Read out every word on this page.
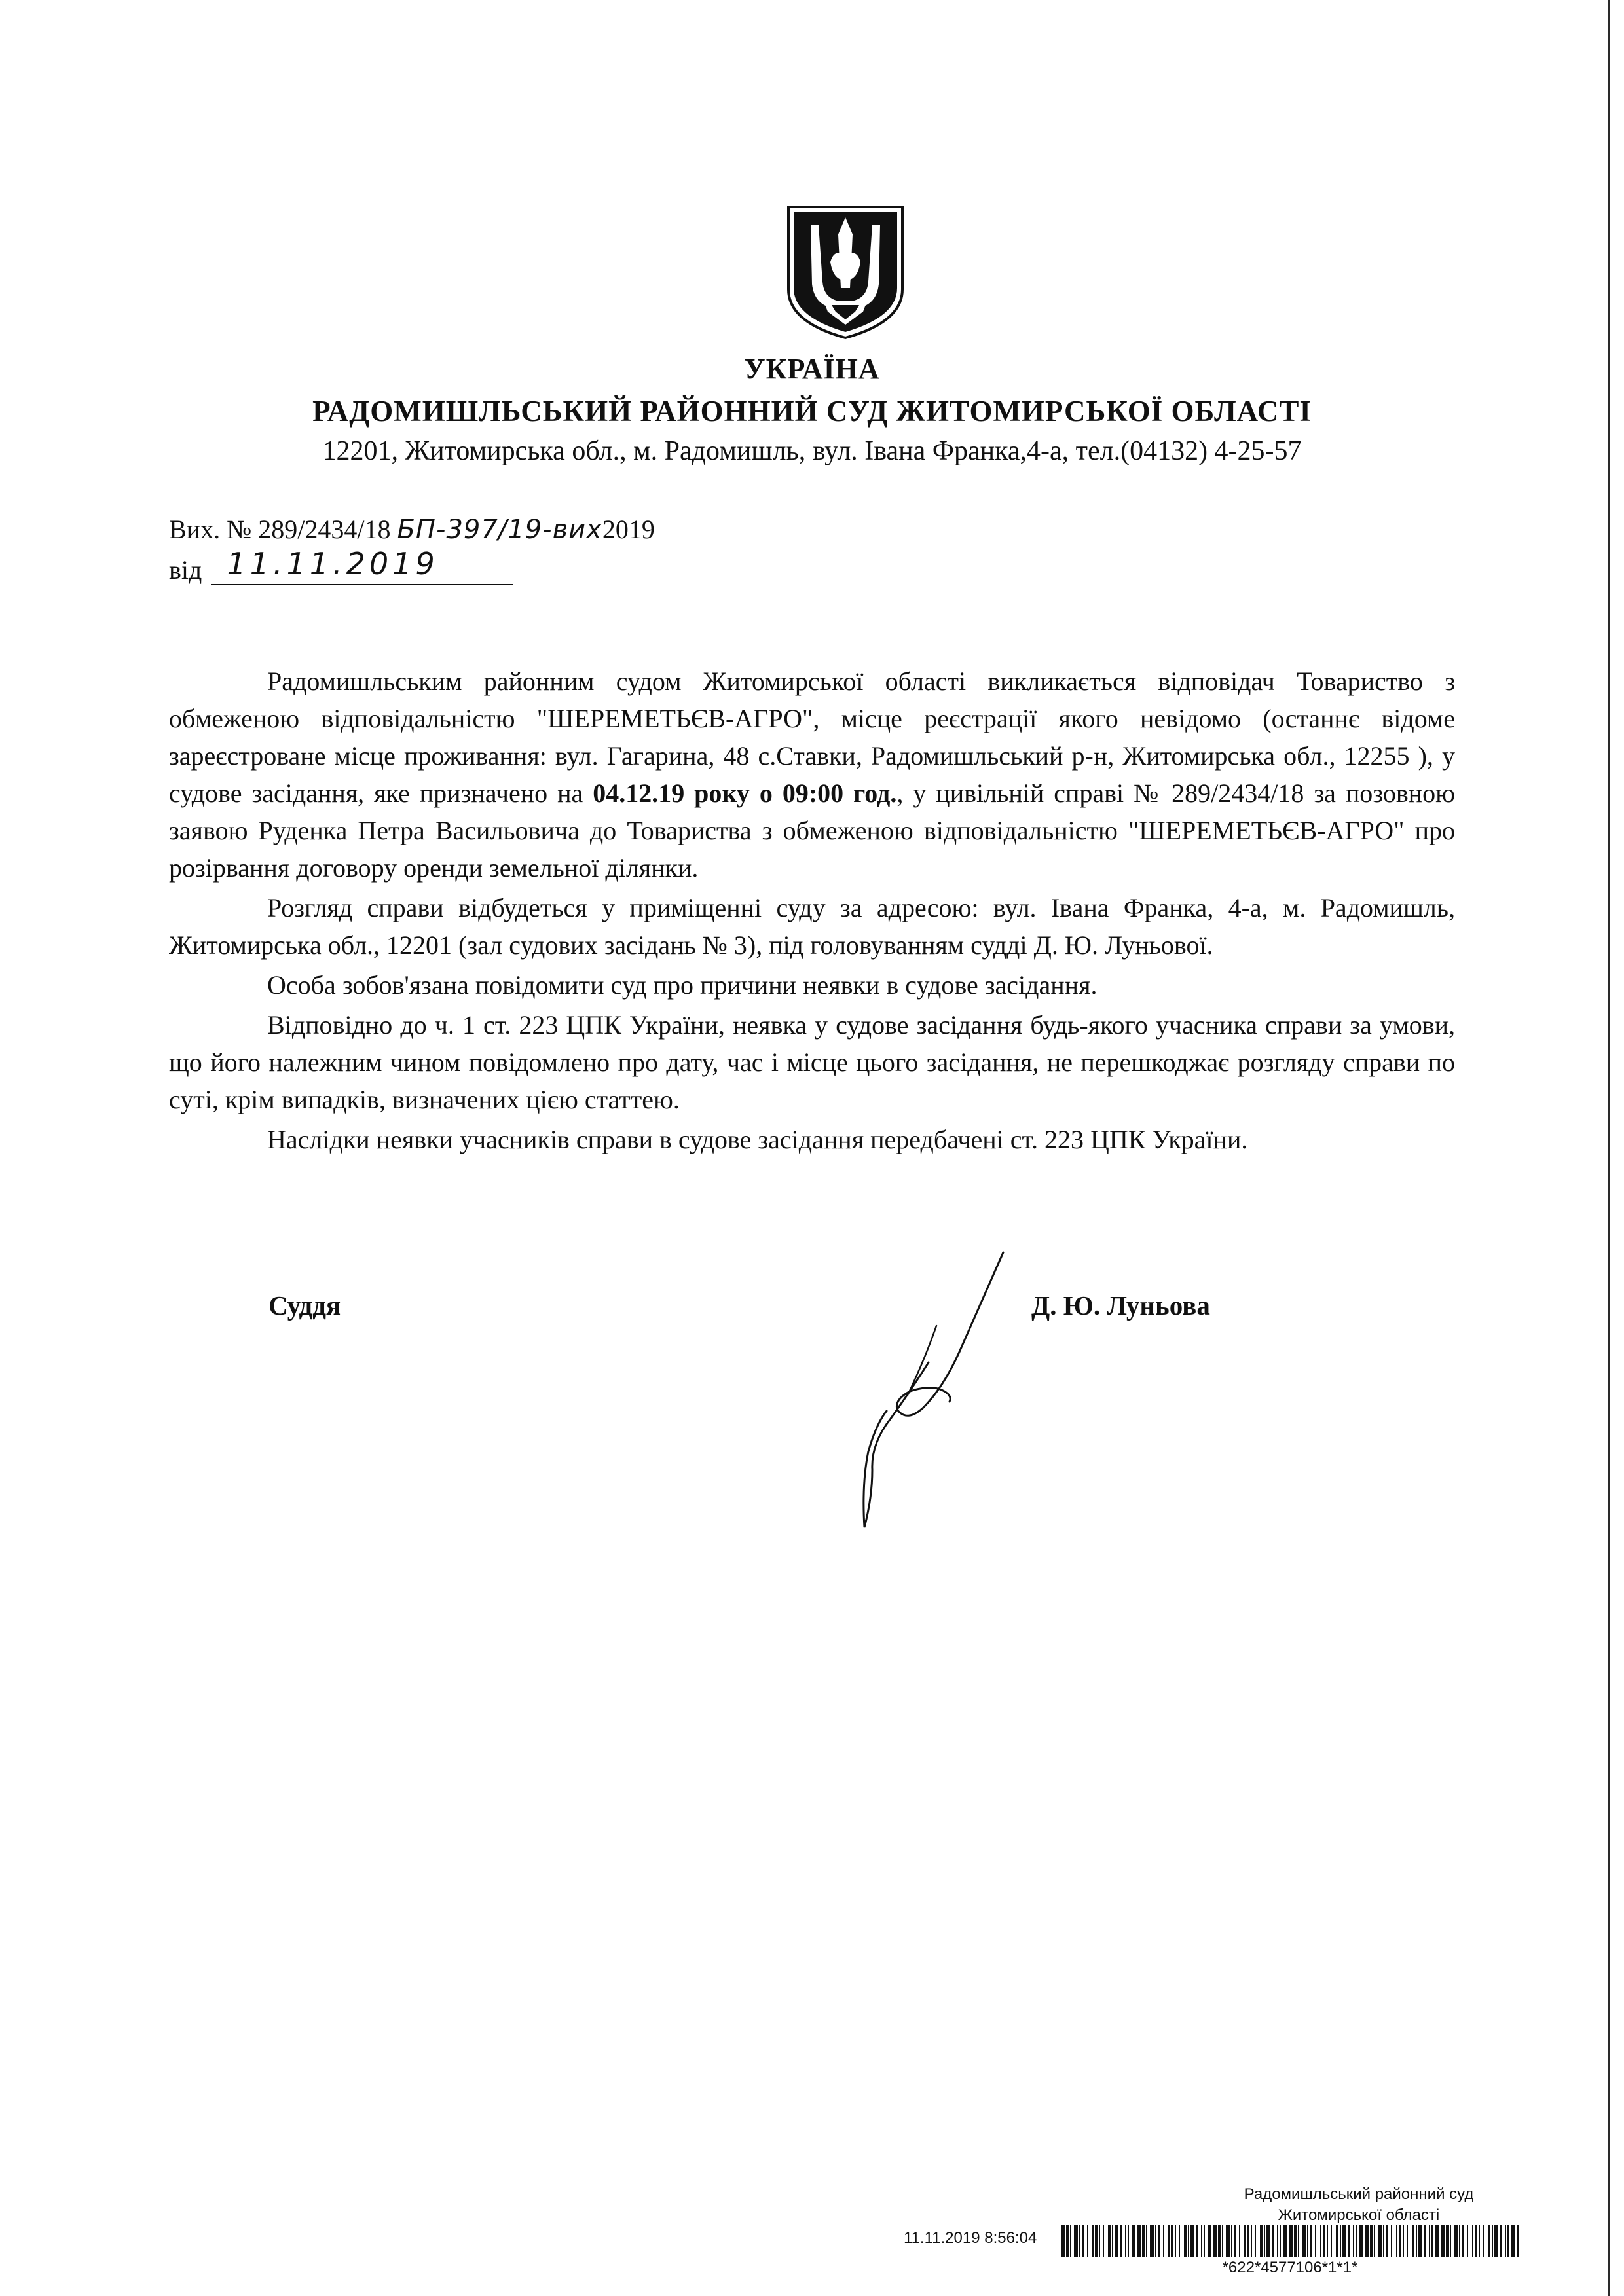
УКРАЇНА
РАДОМИШЛЬСЬКИЙ РАЙОННИЙ СУД ЖИТОМИРСЬКОЇ ОБЛАСТІ
12201, Житомирська обл., м. Радомишль, вул. Івана Франка,4-а, тел.(04132) 4-25-57
Вих. № 289/2434/18 БП-397/19-вих2019
від 11.11.2019

Радомишльським районним судом Житомирської області викликається відповідач Товариство з обмеженою відповідальністю "ШЕРЕМЕТЬЄВ-АГРО", місце реєстрації якого невідомо (останнє відоме зареєстроване місце проживання: вул. Гагарина, 48 с.Ставки, Радомишльський р-н, Житомирська обл., 12255 ), у судове засідання, яке призначено на 04.12.19 року о 09:00 год., у цивільній справі № 289/2434/18 за позовною заявою Руденка Петра Васильовича до Товариства з обмеженою відповідальністю "ШЕРЕМЕТЬЄВ-АГРО" про розірвання договору оренди земельної ділянки.

Розгляд справи відбудеться у приміщенні суду за адресою: вул. Івана Франка, 4-а, м. Радомишль, Житомирська обл., 12201 (зал судових засідань № 3), під головуванням судді Д. Ю. Луньової.

Особа зобов'язана повідомити суд про причини неявки в судове засідання.

Відповідно до ч. 1 ст. 223 ЦПК України, неявка у судове засідання будь-якого учасника справи за умови, що його належним чином повідомлено про дату, час і місце цього засідання, не перешкоджає розгляду справи по суті, крім випадків, визначених цією статтею.

Наслідки неявки учасників справи в судове засідання передбачені ст. 223 ЦПК України.

Суддя	Д. Ю. Луньова
Радомишльський районний суд
Житомирської області
11.11.2019 8:56:04
*622*4577106*1*1*
